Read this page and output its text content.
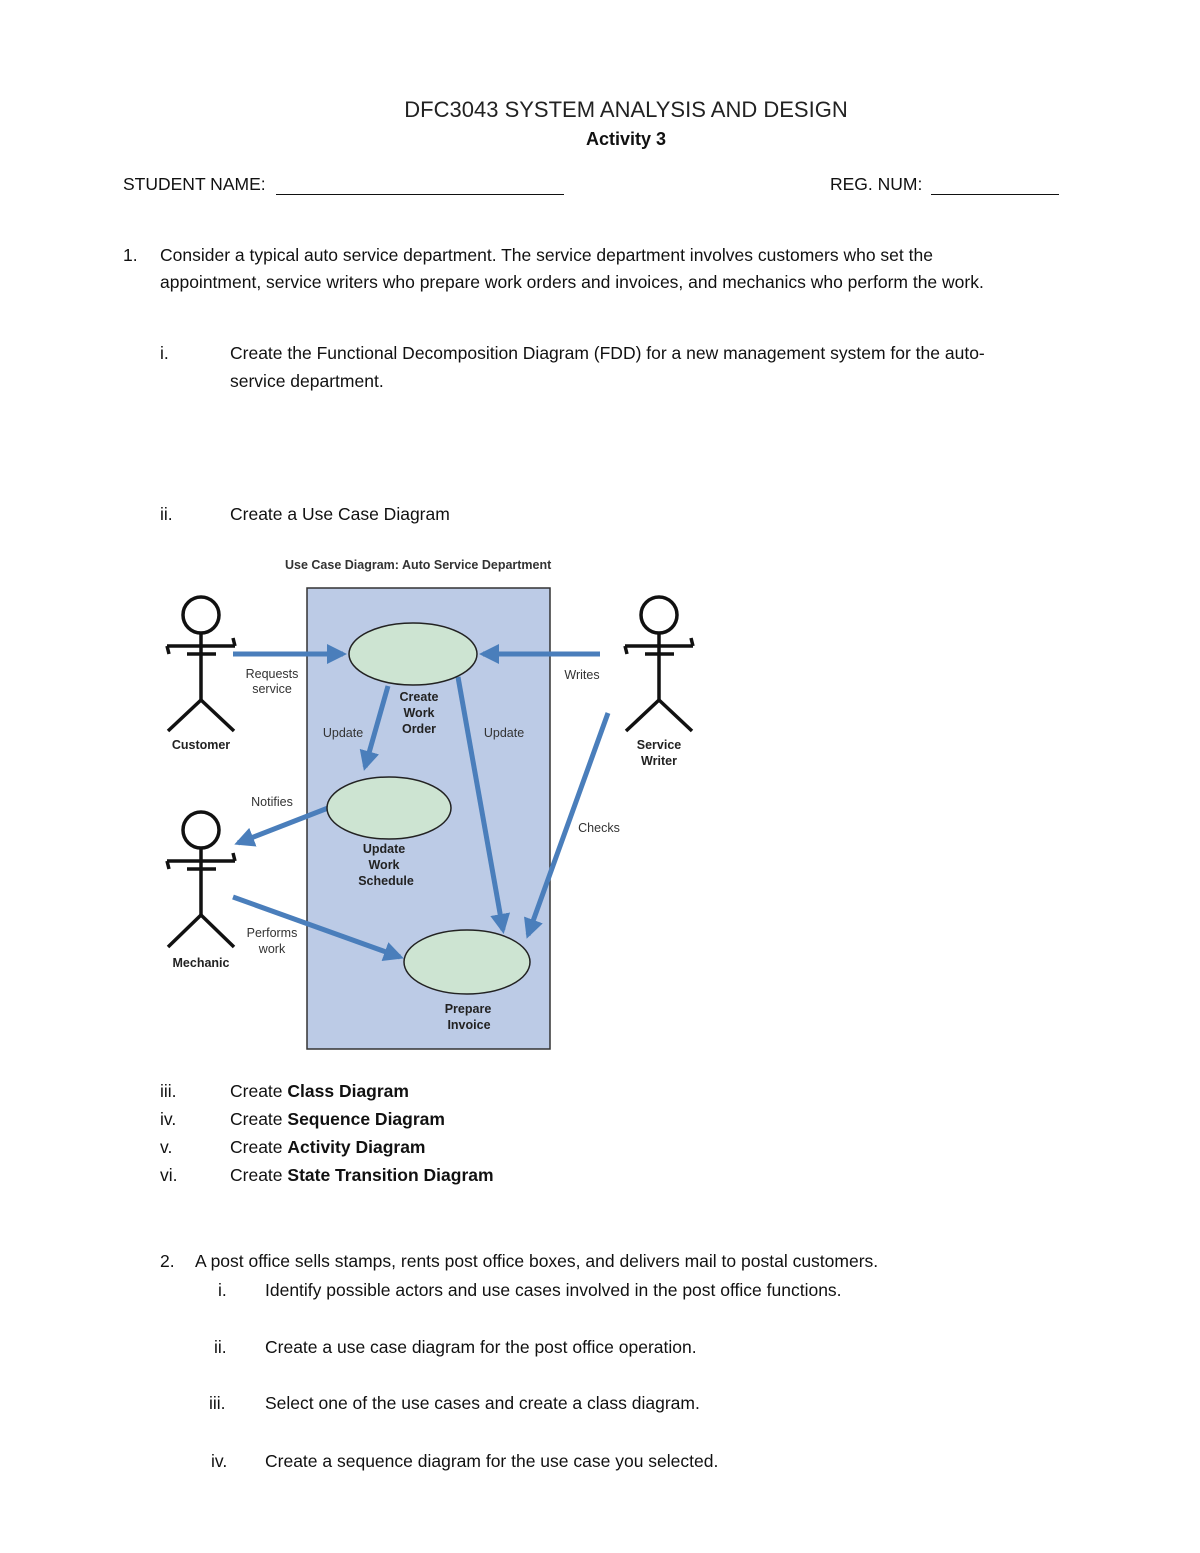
DFC3043 SYSTEM ANALYSIS AND DESIGN
Activity 3
STUDENT NAME:	REG. NUM:
1. Consider a typical auto service department. The service department involves customers who set the
appointment, service writers who prepare work orders and invoices, and mechanics who perform the work.
i.	Create the Functional Decomposition Diagram (FDD) for a new management system for the auto-
service department.
ii.	Create a Use Case Diagram
Use Case Diagram: Auto Service Department
Create
Work
Order
Update
Work
Schedule
Prepare
Invoice
Requests
service
Writes
Update	Update
Notifies
Checks
Performs
work
Customer
Mechanic
Service
Writer
iii.	Create Class Diagram
iv.	Create Sequence Diagram
v.	Create Activity Diagram
vi.	Create State Transition Diagram
2. A post office sells stamps, rents post office boxes, and delivers mail to postal customers.
i. Identify possible actors and use cases involved in the post office functions.
ii. Create a use case diagram for the post office operation.
iii. Select one of the use cases and create a class diagram.
iv. Create a sequence diagram for the use case you selected.
